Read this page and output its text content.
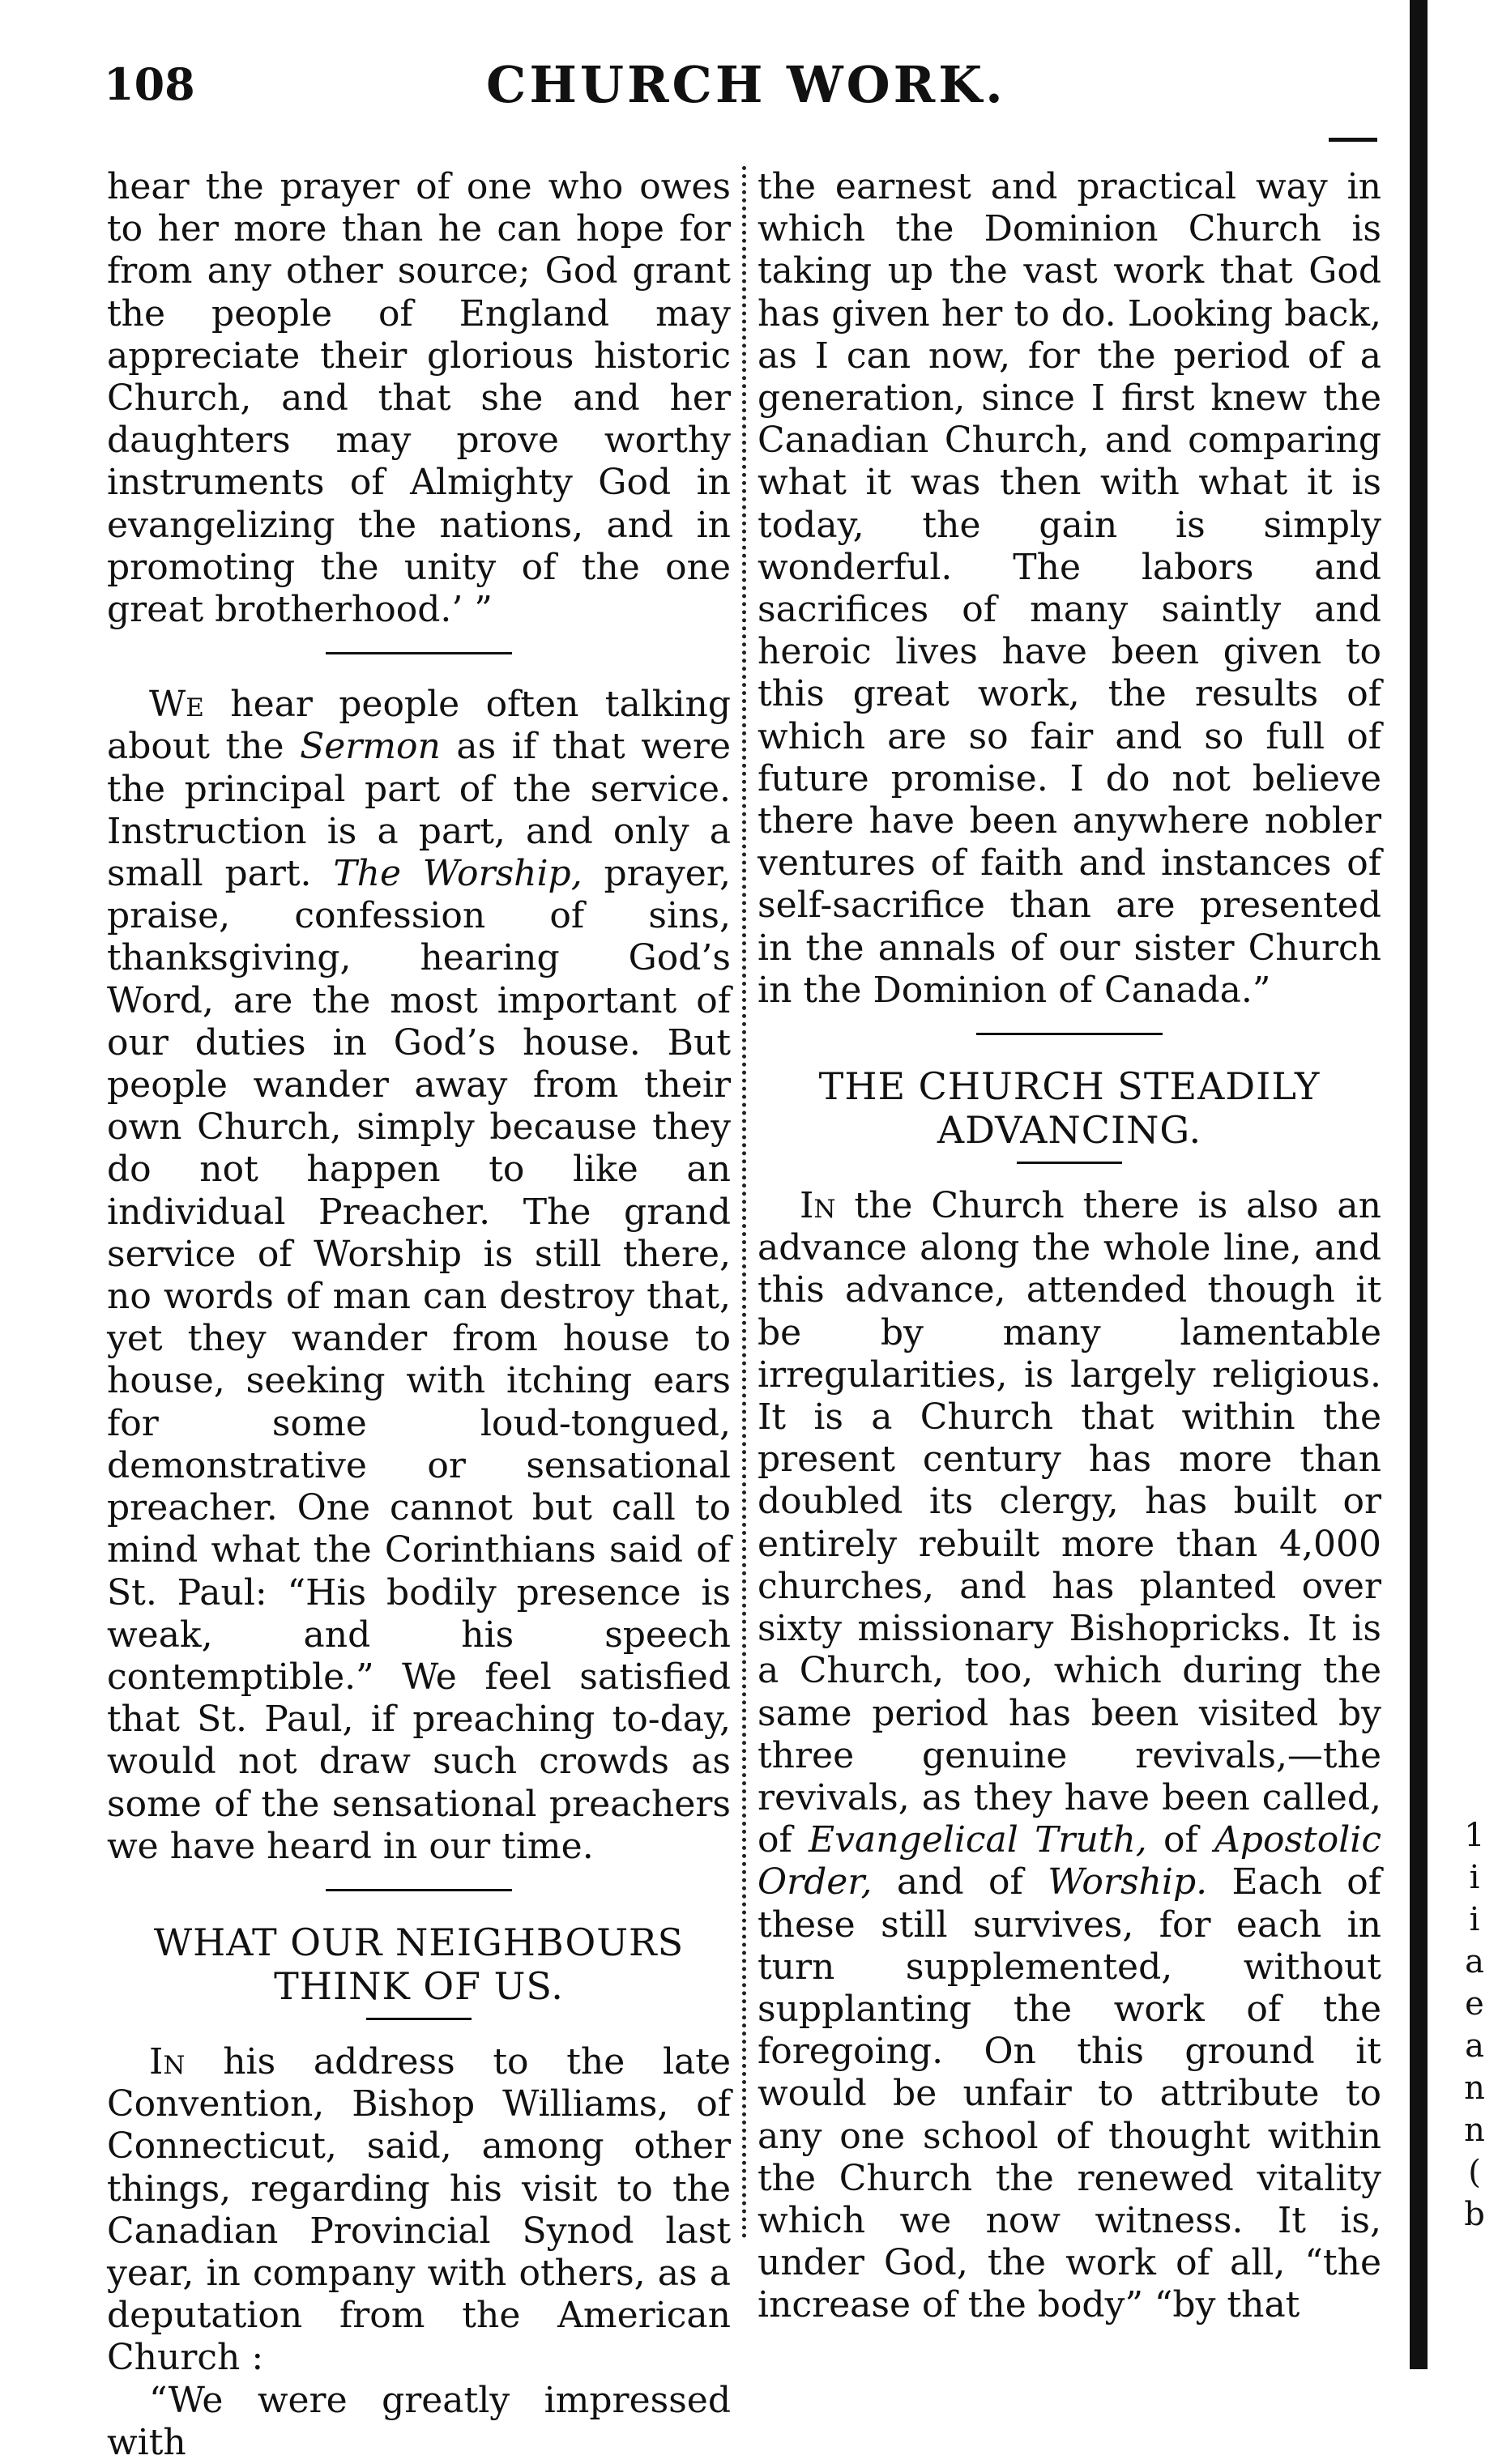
108	CHURCH WORK.

hear the prayer of one who owes to her more than he can hope for from any other source; God grant the people of England may appreciate their glorious historic Church, and that she and her daughters may prove worthy instruments of Almighty God in evangelizing the nations, and in promoting the unity of the one great brotherhood.’ ”

We hear people often talking about the Sermon as if that were the principal part of the service. Instruction is a part, and only a small part. The Worship, prayer, praise, confession of sins, thanksgiving, hearing God’s Word, are the most important of our duties in God’s house. But people wander away from their own Church, simply because they do not happen to like an individual Preacher. The grand service of Worship is still there, no words of man can destroy that, yet they wander from house to house, seeking with itching ears for some loud-tongued, demonstrative or sensational preacher. One cannot but call to mind what the Corinthians said of St. Paul: “His bodily presence is weak, and his speech contemptible.” We feel satisfied that St. Paul, if preaching to-day, would not draw such crowds as some of the sensational preachers we have heard in our time.

WHAT OUR NEIGHBOURS THINK OF US.

In his address to the late Convention, Bishop Williams, of Connecticut, said, among other things, regarding his visit to the Canadian Provincial Synod last year, in company with others, as a deputation from the American Church :

“We were greatly impressed with

the earnest and practical way in which the Dominion Church is taking up the vast work that God has given her to do. Looking back, as I can now, for the period of a generation, since I first knew the Canadian Church, and comparing what it was then with what it is today, the gain is simply wonderful. The labors and sacrifices of many saintly and heroic lives have been given to this great work, the results of which are so fair and so full of future promise. I do not believe there have been anywhere nobler ventures of faith and instances of self-sacrifice than are presented in the annals of our sister Church in the Dominion of Canada.”

THE CHURCH STEADILY ADVANCING.

In the Church there is also an advance along the whole line, and this advance, attended though it be by many lamentable irregularities, is largely religious. It is a Church that within the present century has more than doubled its clergy, has built or entirely rebuilt more than 4,000 churches, and has planted over sixty missionary Bishopricks. It is a Church, too, which during the same period has been visited by three genuine revivals,—the revivals, as they have been called, of Evangelical Truth, of Apostolic Order, and of Worship. Each of these still survives, for each in turn supplemented, without supplanting the work of the foregoing. On this ground it would be unfair to attribute to any one school of thought within the Church the renewed vitality which we now witness. It is, under God, the work of all, “the increase of the body” “by that

1
i
i
a
e
a
n
n
(
b
